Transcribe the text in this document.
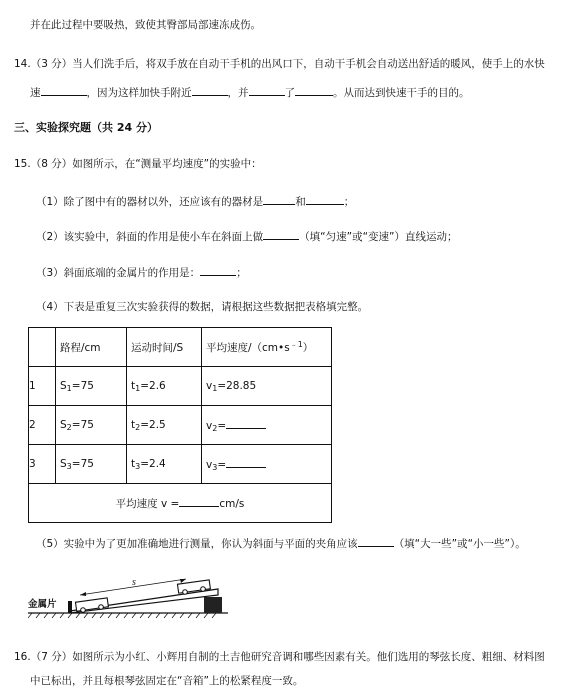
并在此过程中要吸热，致使其臀部局部速冻成伤。
14.（3 分）当人们洗手后，将双手放在自动干手机的出风口下，自动干手机会自动送出舒适的暖风，使手上的水快
速	，因为这样加快手附近	，并	了	。从而达到快速干手的目的。
三、实验探究题（共 24 分）
15.（8 分）如图所示，在“测量平均速度”的实验中：
（1）除了图中有的器材以外，还应该有的器材是	和	；
（2）该实验中，斜面的作用是使小车在斜面上做	（填“匀速”或“变速”）直线运动；
（3）斜面底端的金属片的作用是：	；
（4）下表是重复三次实验获得的数据，请根据这些数据把表格填完整。
	路程/cm	运动时间/S	平均速度$/(cm•s^{﹣1})$
1	$S_1=75$	$t_1=2.6$	$v_1=28.85$
2	$S_2=75$	$t_2=2.5$	$v_2=$
3	$S_3=75$	$t_3=2.4$	$v_3=$
平均速度 v = cm/s			
（5）实验中为了更加准确地进行测量，你认为斜面与平面的夹角应该	（填“大一些”或“小一些”）。
s
金属片
16.（7 分）如图所示为小红、小辉用自制的土吉他研究音调和哪些因素有关。他们选用的琴弦长度、粗细、材料图
中已标出，并且每根琴弦固定在“音箱”上的松紧程度一致。
